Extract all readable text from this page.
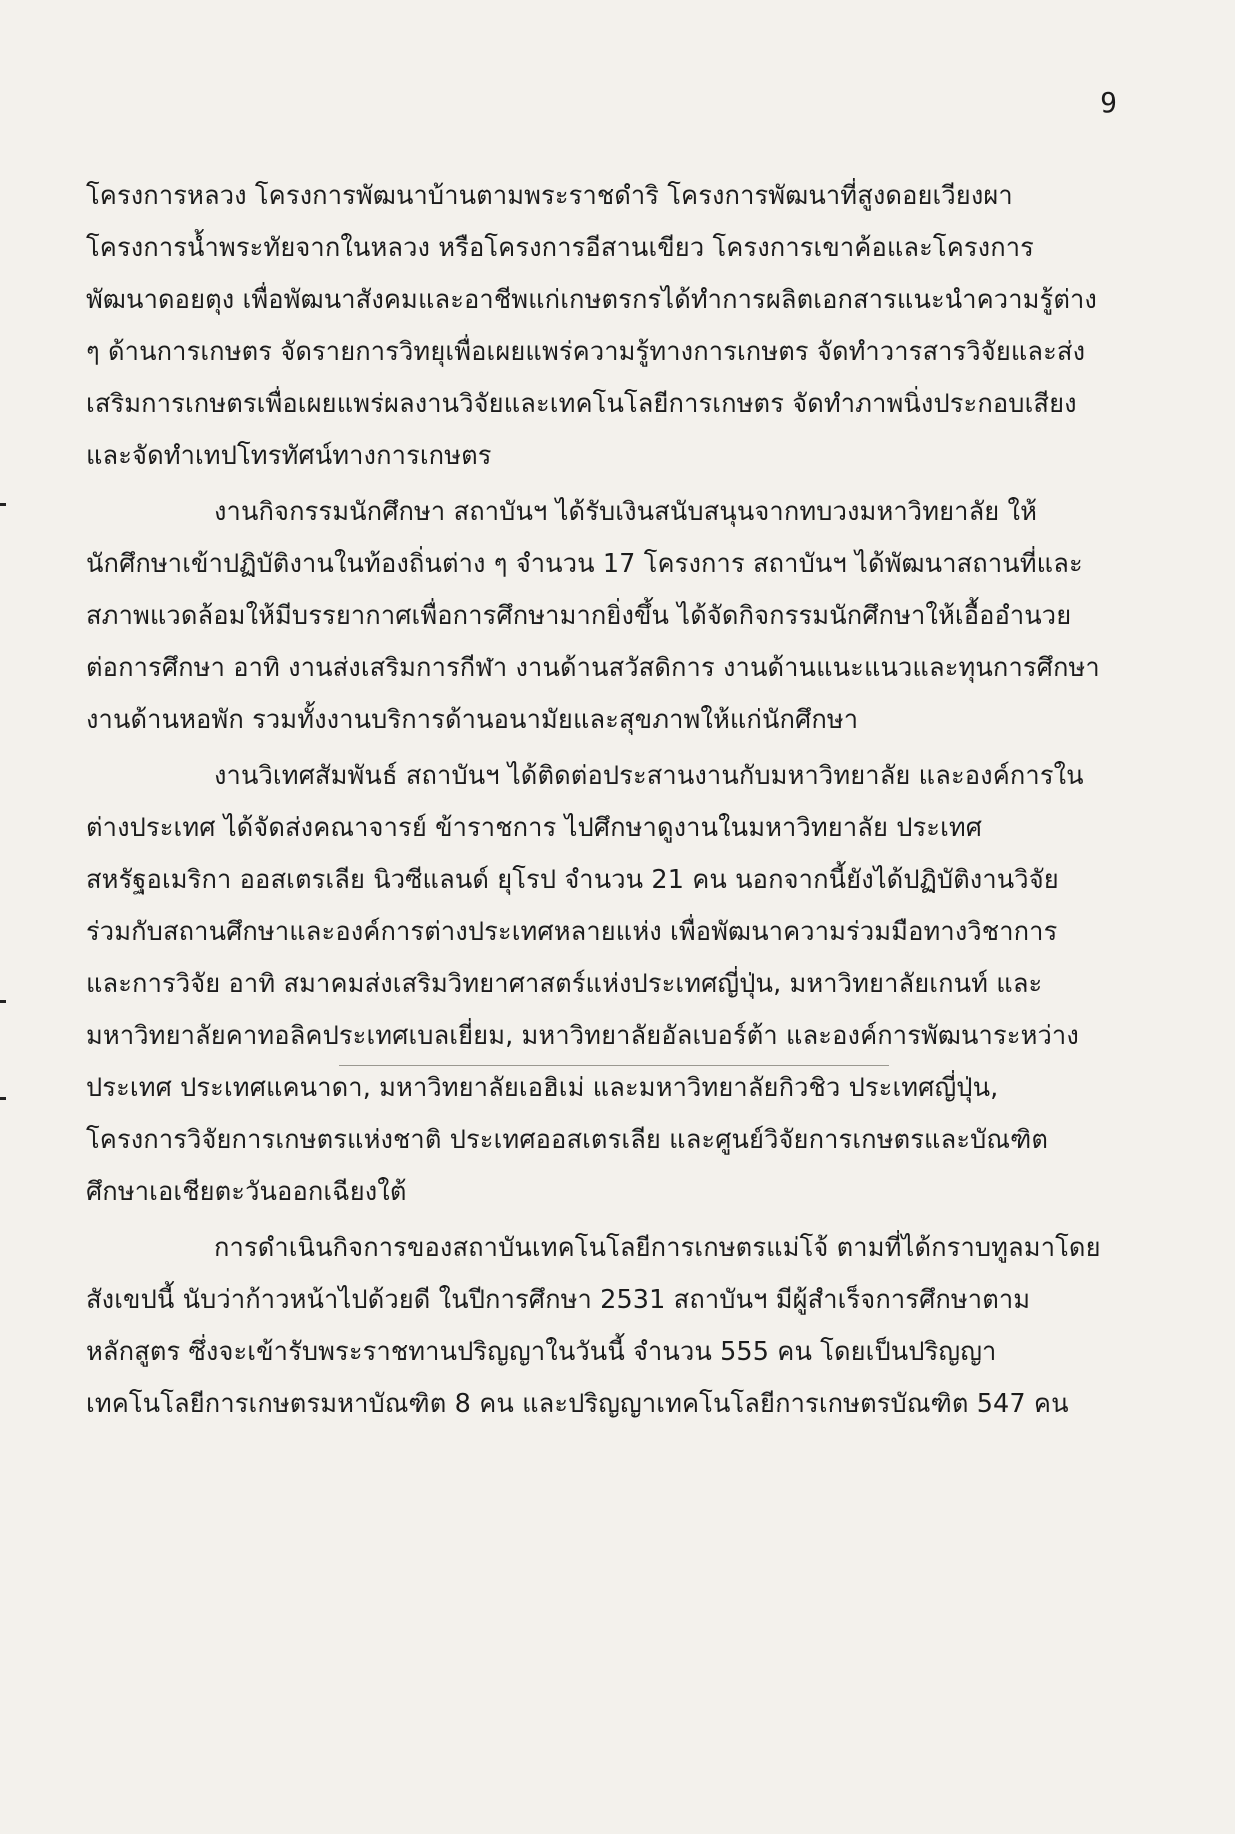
9

โครงการหลวง โครงการพัฒนาบ้านตามพระราชดำริ โครงการพัฒนาที่สูงดอยเวียงผา โครงการน้ำพระทัยจากในหลวง หรือโครงการอีสานเขียว โครงการเขาค้อและโครงการพัฒนาดอยตุง เพื่อพัฒนาสังคมและอาชีพแก่เกษตรกรได้ทำการผลิตเอกสารแนะนำความรู้ต่าง ๆ ด้านการเกษตร จัดรายการวิทยุเพื่อเผยแพร่ความรู้ทางการเกษตร จัดทำวารสารวิจัยและส่งเสริมการเกษตรเพื่อเผยแพร่ผลงานวิจัยและเทคโนโลยีการเกษตร จัดทำภาพนิ่งประกอบเสียงและจัดทำเทปโทรทัศน์ทางการเกษตร

งานกิจกรรมนักศึกษา สถาบันฯ ได้รับเงินสนับสนุนจากทบวงมหาวิทยาลัย ให้นักศึกษาเข้าปฏิบัติงานในท้องถิ่นต่าง ๆ จำนวน 17 โครงการ สถาบันฯ ได้พัฒนาสถานที่และสภาพแวดล้อมให้มีบรรยากาศเพื่อการศึกษามากยิ่งขึ้น ได้จัดกิจกรรมนักศึกษาให้เอื้ออำนวยต่อการศึกษา อาทิ งานส่งเสริมการกีฬา งานด้านสวัสดิการ งานด้านแนะแนวและทุนการศึกษา งานด้านหอพัก รวมทั้งงานบริการด้านอนามัยและสุขภาพให้แก่นักศึกษา

งานวิเทศสัมพันธ์ สถาบันฯ ได้ติดต่อประสานงานกับมหาวิทยาลัย และองค์การในต่างประเทศ ได้จัดส่งคณาจารย์ ข้าราชการ ไปศึกษาดูงานในมหาวิทยาลัย ประเทศสหรัฐอเมริกา ออสเตรเลีย นิวซีแลนด์ ยุโรป จำนวน 21 คน นอกจากนี้ยังได้ปฏิบัติงานวิจัยร่วมกับสถานศึกษาและองค์การต่างประเทศหลายแห่ง เพื่อพัฒนาความร่วมมือทางวิชาการและการวิจัย อาทิ สมาคมส่งเสริมวิทยาศาสตร์แห่งประเทศญี่ปุ่น, มหาวิทยาลัยเกนท์ และมหาวิทยาลัยคาทอลิคประเทศเบลเยี่ยม, มหาวิทยาลัยอัลเบอร์ต้า และองค์การพัฒนาระหว่างประเทศ ประเทศแคนาดา, มหาวิทยาลัยเอฮิเม่ และมหาวิทยาลัยกิวชิว ประเทศญี่ปุ่น, โครงการวิจัยการเกษตรแห่งชาติ ประเทศออสเตรเลีย และศูนย์วิจัยการเกษตรและบัณฑิตศึกษาเอเชียตะวันออกเฉียงใต้

การดำเนินกิจการของสถาบันเทคโนโลยีการเกษตรแม่โจ้ ตามที่ได้กราบทูลมาโดยสังเขปนี้ นับว่าก้าวหน้าไปด้วยดี ในปีการศึกษา 2531 สถาบันฯ มีผู้สำเร็จการศึกษาตามหลักสูตร ซึ่งจะเข้ารับพระราชทานปริญญาในวันนี้ จำนวน 555 คน โดยเป็นปริญญาเทคโนโลยีการเกษตรมหาบัณฑิต 8 คน และปริญญาเทคโนโลยีการเกษตรบัณฑิต 547 คน
